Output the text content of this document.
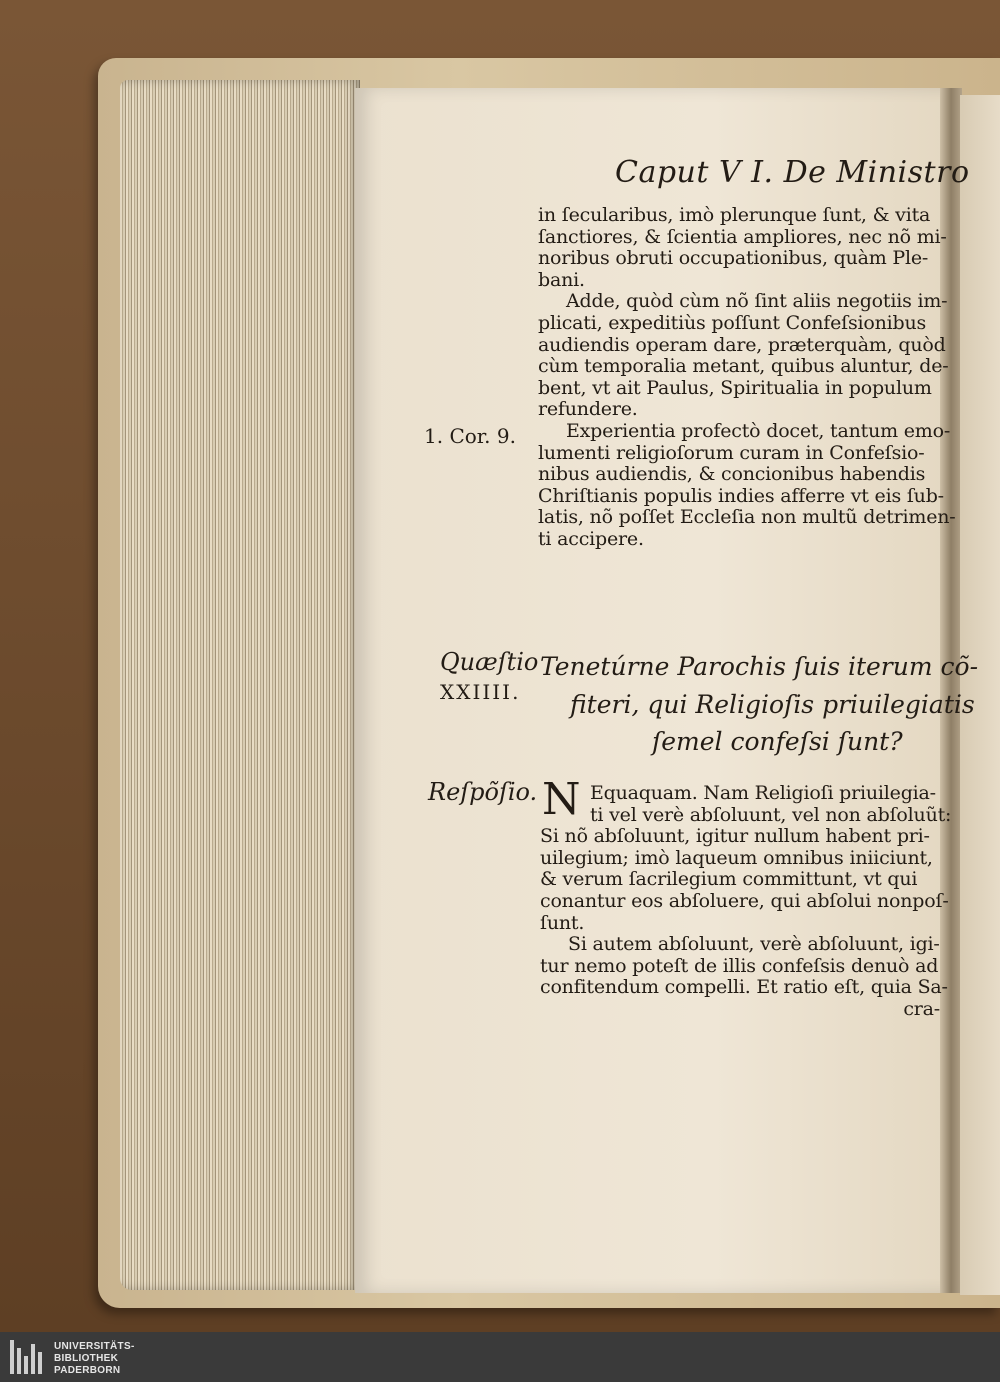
Caput V I. De Ministro
in ſecularibus, imò plerunque ſunt, & vita
ſanctiores, & ſcientia ampliores, nec nõ mi-
noribus obruti occupationibus, quàm Ple-
bani.
Adde, quòd cùm nõ ſint aliis negotiis im-
plicati, expeditiùs poſſunt Confeſsionibus
audiendis operam dare, præterquàm, quòd
cùm temporalia metant, quibus aluntur, de-
bent, vt ait Paulus, Spiritualia in populum
refundere.
Experientia profectò docet, tantum emo-
lumenti religioſorum curam in Confeſsio-
nibus audiendis, & concionibus habendis
Chriſtianis populis indies afferre vt eis ſub-
latis, nõ poſſet Eccleſia non multũ detrimen-
ti accipere.
1. Cor. 9.
Quæſtio
XXIIII.
Tenetúrne Parochis ſuis iterum cõ-
fiteri, qui Religioſis priuilegiatis
ſemel confeſsi ſunt?
Reſpõſio. N Equaquam. Nam Religioſi priuilegia-
ti vel verè abſoluunt, vel non abſoluũt:
Si nõ abſoluunt, igitur nullum habent pri-
uilegium; imò laqueum omnibus iniiciunt,
& verum ſacrilegium committunt, vt qui
conantur eos abſoluere, qui abſolui nonpoſ-
ſunt.
Si autem abſoluunt, verè abſoluunt, igi-
tur nemo poteſt de illis confeſsis denuò ad
confitendum compelli. Et ratio eſt, quia Sa-
cra-
UNIVERSITÄTS-
BIBLIOTHEK
PADERBORN
